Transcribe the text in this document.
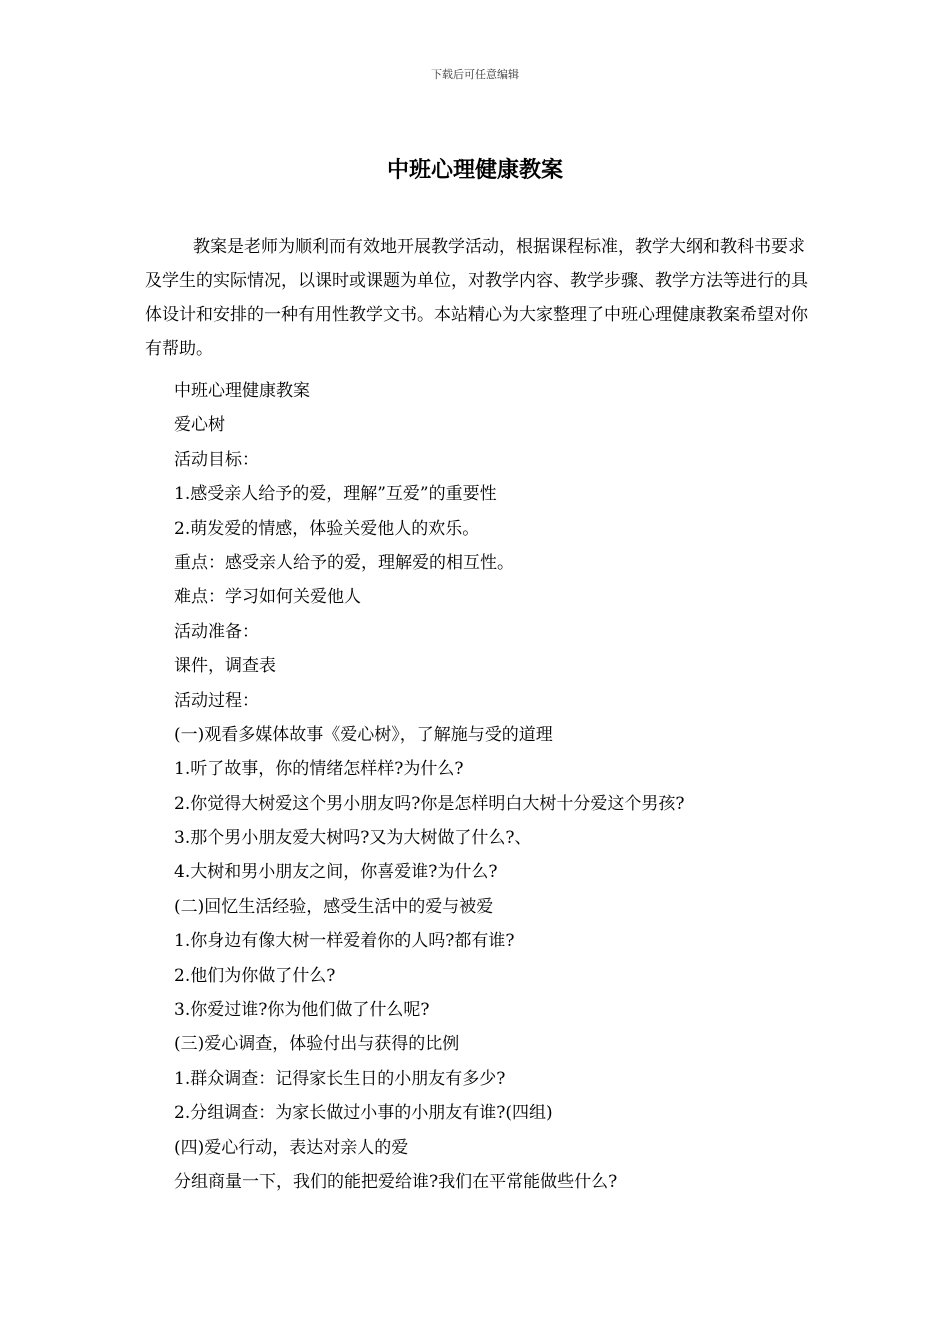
下载后可任意编辑
中班心理健康教案

教案是老师为顺利而有效地开展教学活动，根据课程标准，教学大纲和教科书要求及学生的实际情况，以课时或课题为单位，对教学内容、教学步骤、教学方法等进行的具体设计和安排的一种有用性教学文书。本站精心为大家整理了中班心理健康教案希望对你有帮助。

中班心理健康教案
爱心树
活动目标：
1.感受亲人给予的爱，理解”互爱”的重要性
2.萌发爱的情感，体验关爱他人的欢乐。
重点：感受亲人给予的爱，理解爱的相互性。
难点：学习如何关爱他人
活动准备：
课件，调查表
活动过程：
(一)观看多媒体故事《爱心树》，了解施与受的道理
1.听了故事，你的情绪怎样样?为什么?
2.你觉得大树爱这个男小朋友吗?你是怎样明白大树十分爱这个男孩?
3.那个男小朋友爱大树吗?又为大树做了什么?、
4.大树和男小朋友之间，你喜爱谁?为什么?
(二)回忆生活经验，感受生活中的爱与被爱
1.你身边有像大树一样爱着你的人吗?都有谁?
2.他们为你做了什么?
3.你爱过谁?你为他们做了什么呢?
(三)爱心调查，体验付出与获得的比例
1.群众调查：记得家长生日的小朋友有多少?
2.分组调查：为家长做过小事的小朋友有谁?(四组)
(四)爱心行动，表达对亲人的爱
分组商量一下，我们的能把爱给谁?我们在平常能做些什么?
